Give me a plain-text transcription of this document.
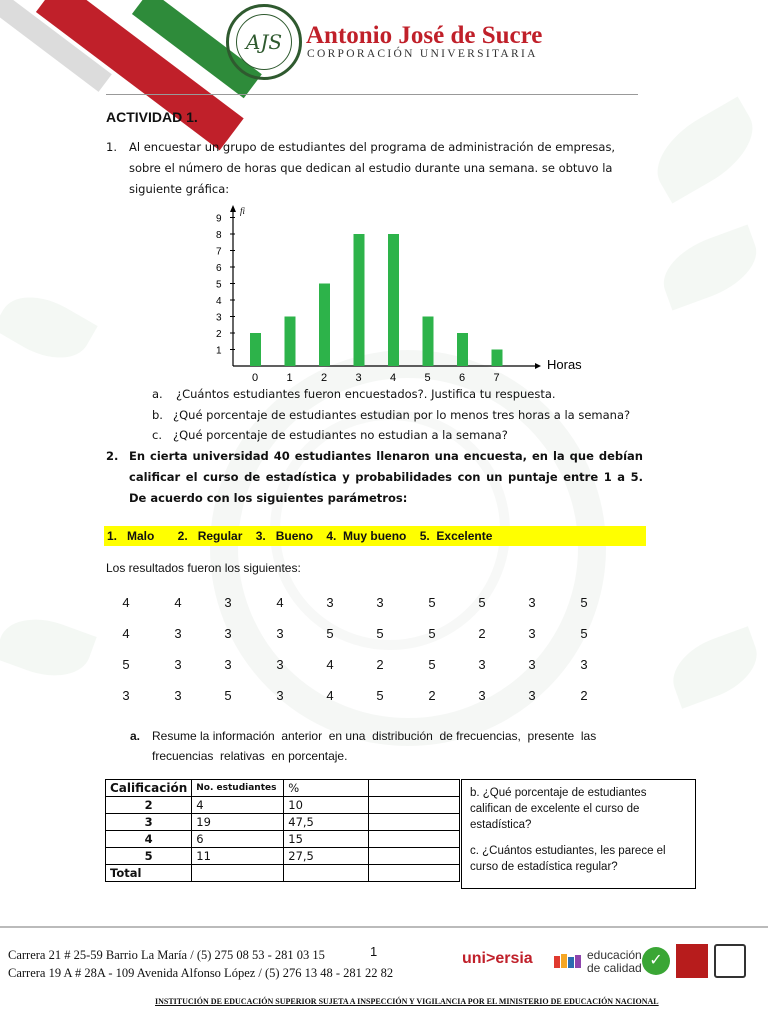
AJS Antonio José de Sucre
CORPORACIÓN UNIVERSITARIA
ACTIVIDAD 1.
1. Al encuestar un grupo de estudiantes del programa de administración de empresas, sobre el número de horas que dedican al estudio durante una semana. se obtuvo la siguiente gráfica:
1
2
3
4
5
6
7
8
9
0	1	2	3	4	5	6	7
Horas
fi
a. ¿Cuántos estudiantes fueron encuestados?. Justifica tu respuesta.
b. ¿Qué porcentaje de estudiantes estudian por lo menos tres horas a la semana?
c. ¿Qué porcentaje de estudiantes no estudian a la semana?
2. En cierta universidad 40 estudiantes llenaron una encuesta, en la que debían calificar el curso de estadística y probabilidades con un puntaje entre 1 a 5. De acuerdo con los siguientes parámetros:
1.   Malo       2.   Regular    3.   Bueno    4.  Muy bueno    5.  Excelente
Los resultados fueron los siguientes:
4	4	3	4	3	3	5	5	3	5
4	3	3	3	5	5	5	2	3	5
5	3	3	3	4	2	5	3	3	3
3	3	5	3	4	5	2	3	3	2
a. Resume la información  anterior  en una  distribución  de frecuencias,  presente  las
frecuencias  relativas  en porcentaje.
Calificación	No. estudiantes	%	
2	4	10	
3	19	47,5	
4	6	15	
5	11	27,5	
Total			

b. ¿Qué porcentaje de estudiantes califican de excelente el curso de estadística?

c. ¿Cuántos estudiantes, les parece el curso de estadística regular?

1
Carrera 21 # 25-59 Barrio La María / (5) 275 08 53 - 281 03 15
Carrera 19 A # 28A - 109 Avenida Alfonso López / (5) 276 13 48 - 281 22 82
uni>ersia	educación
de calidad ✓
INSTITUCIÓN DE EDUCACIÓN SUPERIOR SUJETA A INSPECCIÓN Y VIGILANCIA POR EL MINISTERIO DE EDUCACIÓN NACIONAL
